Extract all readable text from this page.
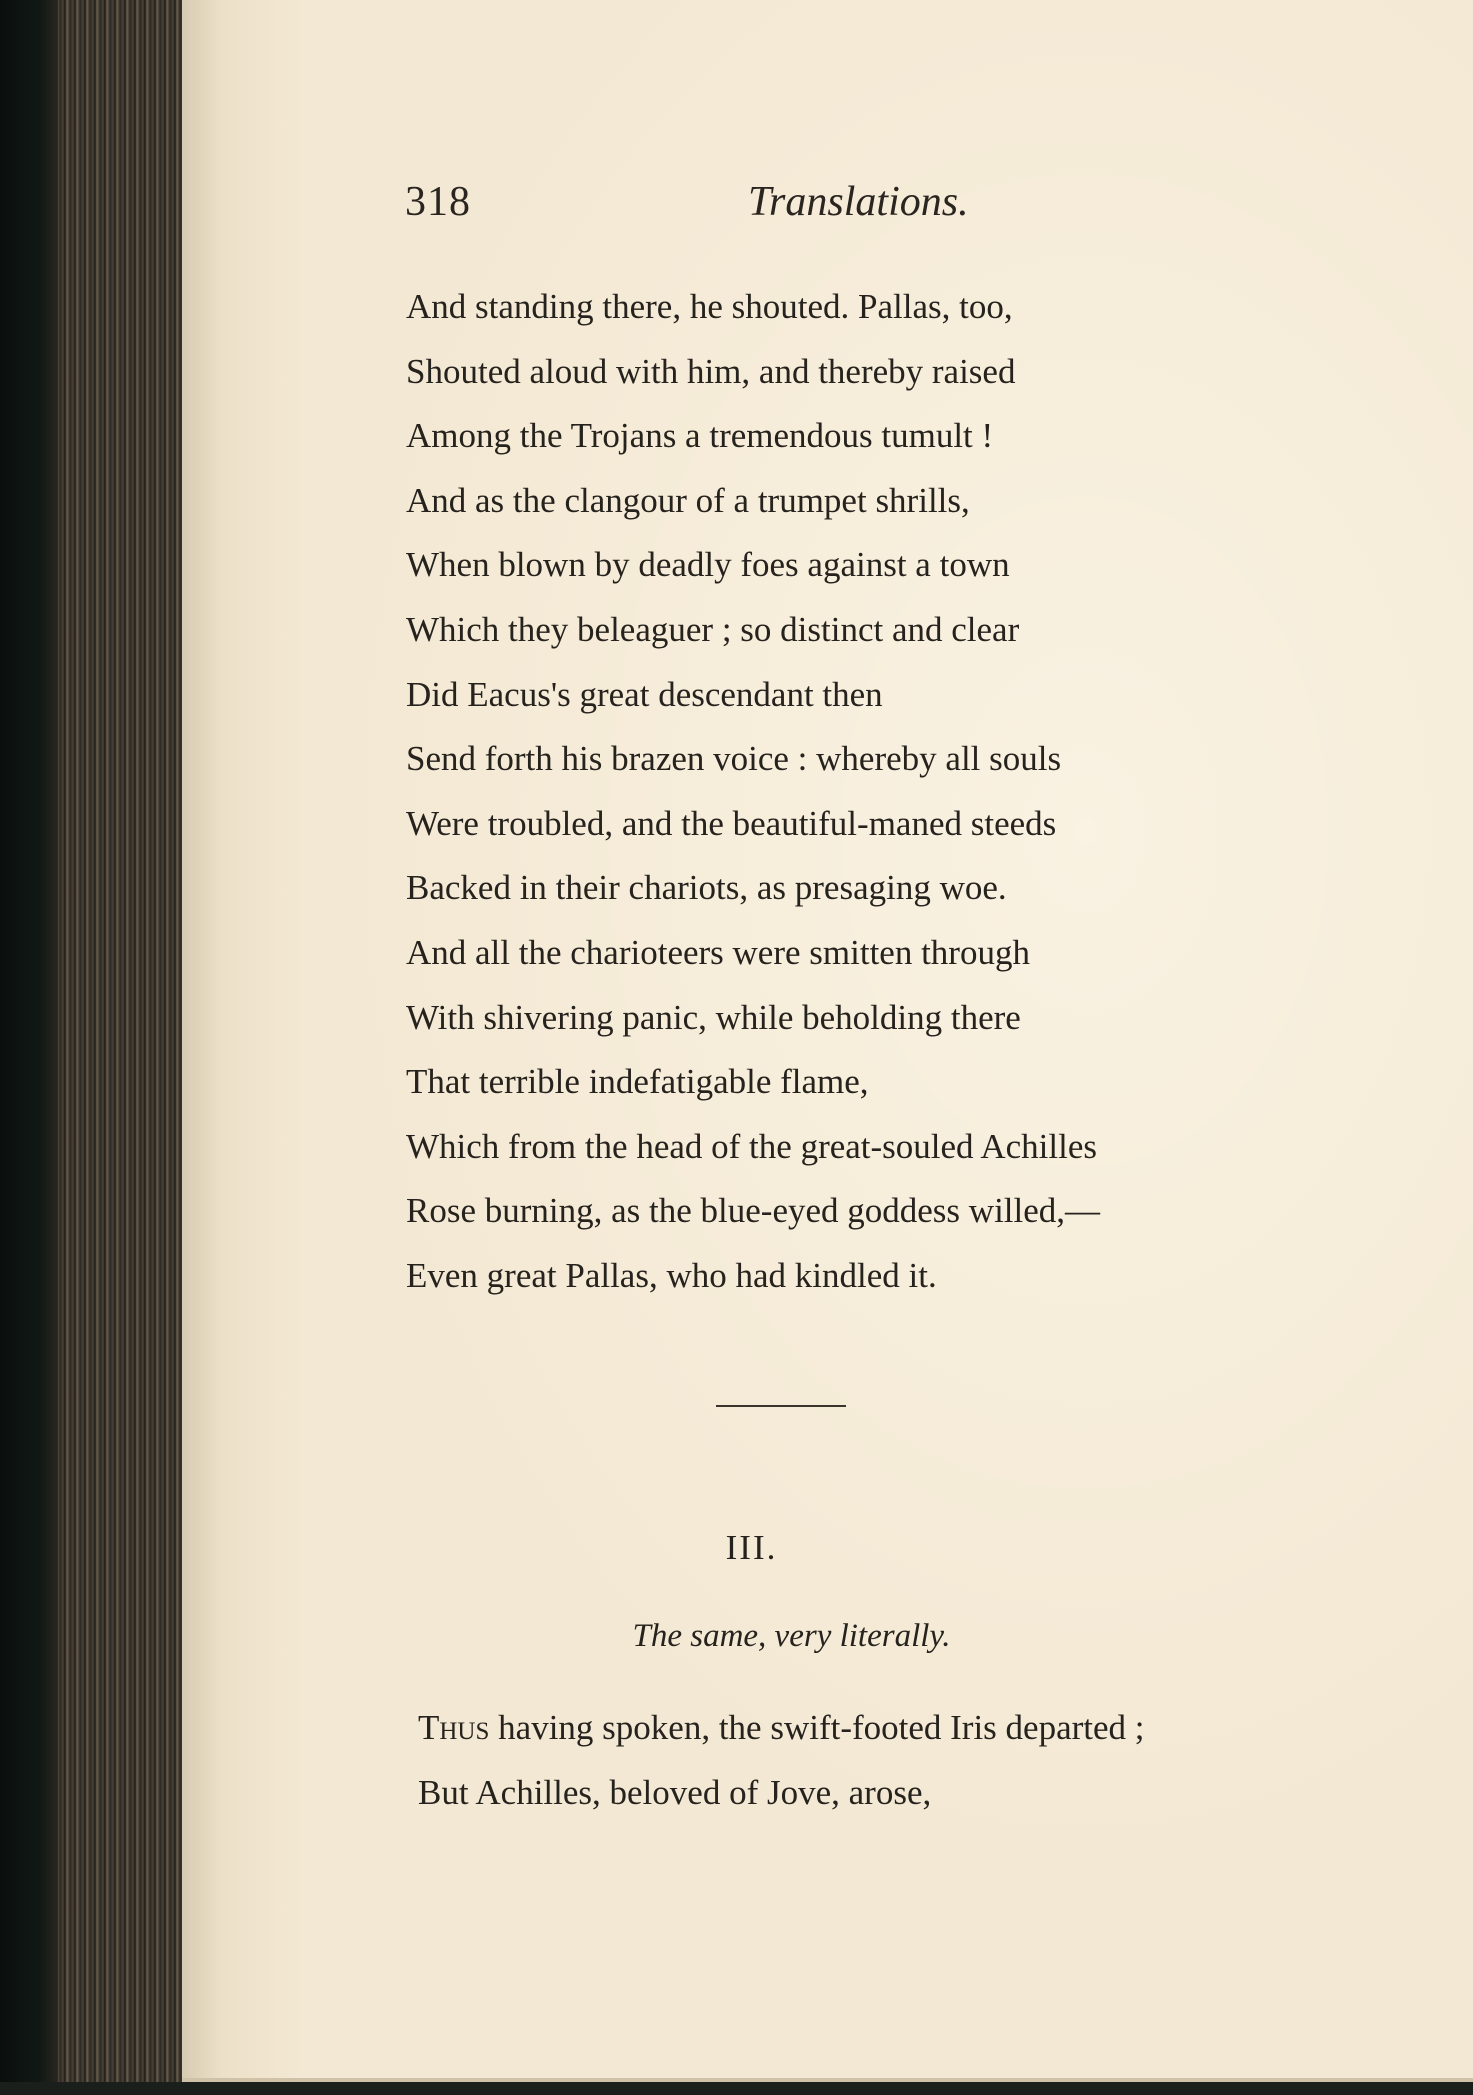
318	Translations.
And standing there, he shouted. Pallas, too,
Shouted aloud with him, and thereby raised
Among the Trojans a tremendous tumult !
And as the clangour of a trumpet shrills,
When blown by deadly foes against a town
Which they beleaguer ; so distinct and clear
Did Eacus's great descendant then
Send forth his brazen voice : whereby all souls
Were troubled, and the beautiful-maned steeds
Backed in their chariots, as presaging woe.
And all the charioteers were smitten through
With shivering panic, while beholding there
That terrible indefatigable flame,
Which from the head of the great-souled Achilles
Rose burning, as the blue-eyed goddess willed,—
Even great Pallas, who had kindled it.
III.
The same, very literally.
Thus having spoken, the swift-footed Iris departed ;
But Achilles, beloved of Jove, arose,
